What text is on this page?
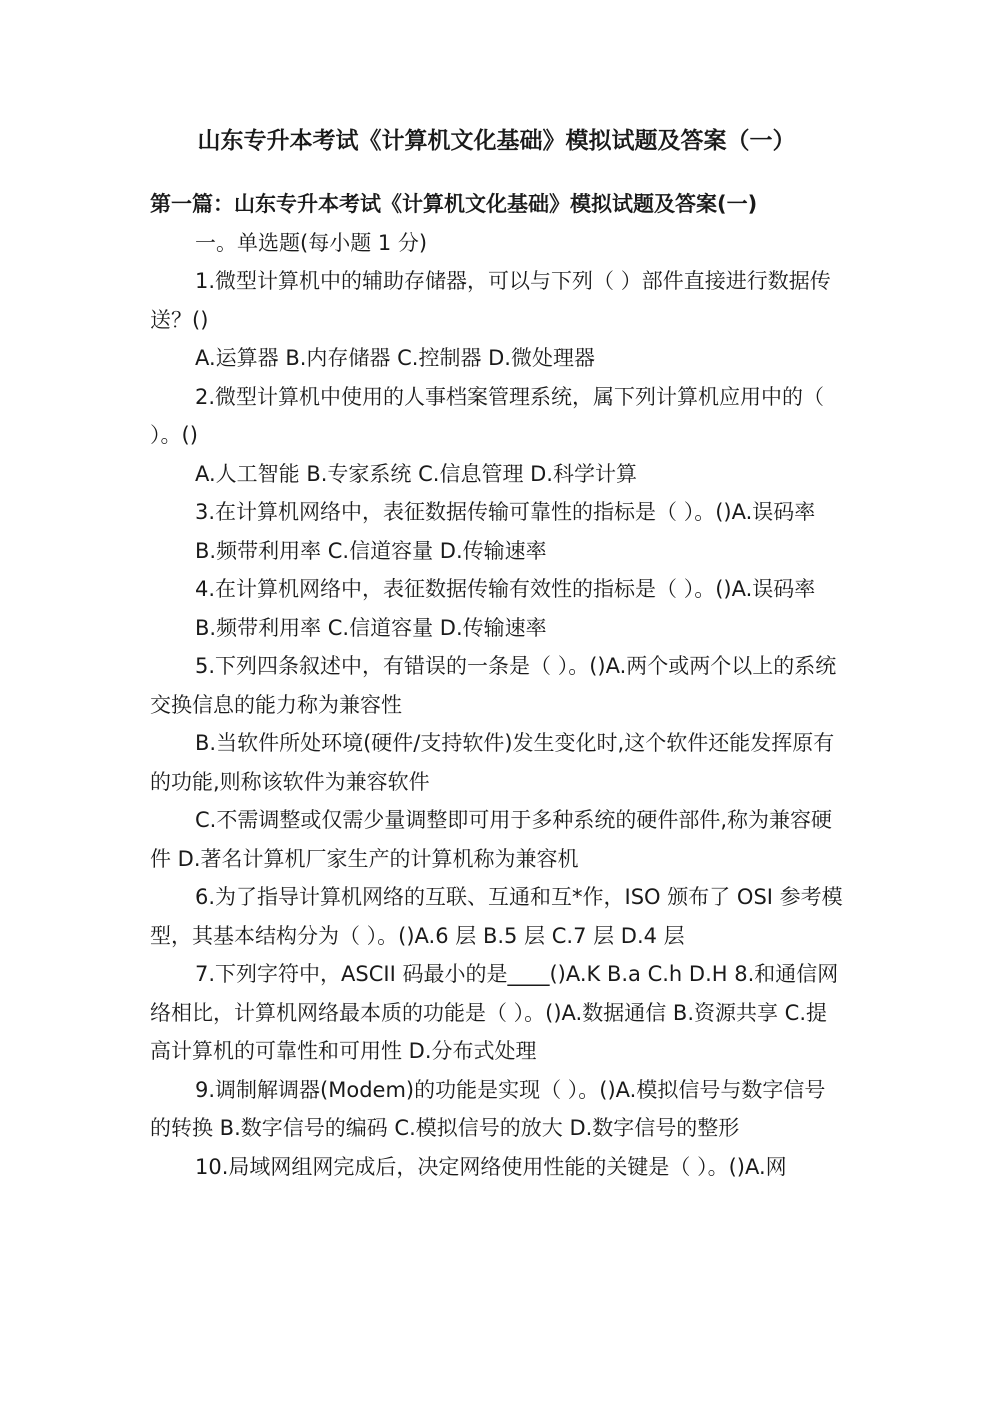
山东专升本考试《计算机文化基础》模拟试题及答案（一）
第一篇：山东专升本考试《计算机文化基础》模拟试题及答案(一)

一。单选题(每小题 1 分)

1.微型计算机中的辅助存储器，可以与下列（ ）部件直接进行数据传送？()

A.运算器 B.内存储器 C.控制器 D.微处理器

2.微型计算机中使用的人事档案管理系统，属下列计算机应用中的（ ）。()

A.人工智能 B.专家系统 C.信息管理 D.科学计算

3.在计算机网络中，表征数据传输可靠性的指标是（ ）。()A.误码率

B.频带利用率 C.信道容量 D.传输速率

4.在计算机网络中，表征数据传输有效性的指标是（ ）。()A.误码率

B.频带利用率 C.信道容量 D.传输速率

5.下列四条叙述中，有错误的一条是（ ）。()A.两个或两个以上的系统交换信息的能力称为兼容性

B.当软件所处环境(硬件/支持软件)发生变化时,这个软件还能发挥原有的功能,则称该软件为兼容软件

C.不需调整或仅需少量调整即可用于多种系统的硬件部件,称为兼容硬件 D.著名计算机厂家生产的计算机称为兼容机

6.为了指导计算机网络的互联、互通和互*作，ISO 颁布了 OSI 参考模型，其基本结构分为（ ）。()A.6 层 B.5 层 C.7 层 D.4 层

7.下列字符中，ASCII 码最小的是____()A.K B.a C.h D.H 8.和通信网络相比，计算机网络最本质的功能是（ ）。()A.数据通信 B.资源共享 C.提高计算机的可靠性和可用性 D.分布式处理

9.调制解调器(Modem)的功能是实现（ ）。()A.模拟信号与数字信号的转换 B.数字信号的编码 C.模拟信号的放大 D.数字信号的整形

10.局域网组网完成后，决定网络使用性能的关键是（ ）。()A.网
